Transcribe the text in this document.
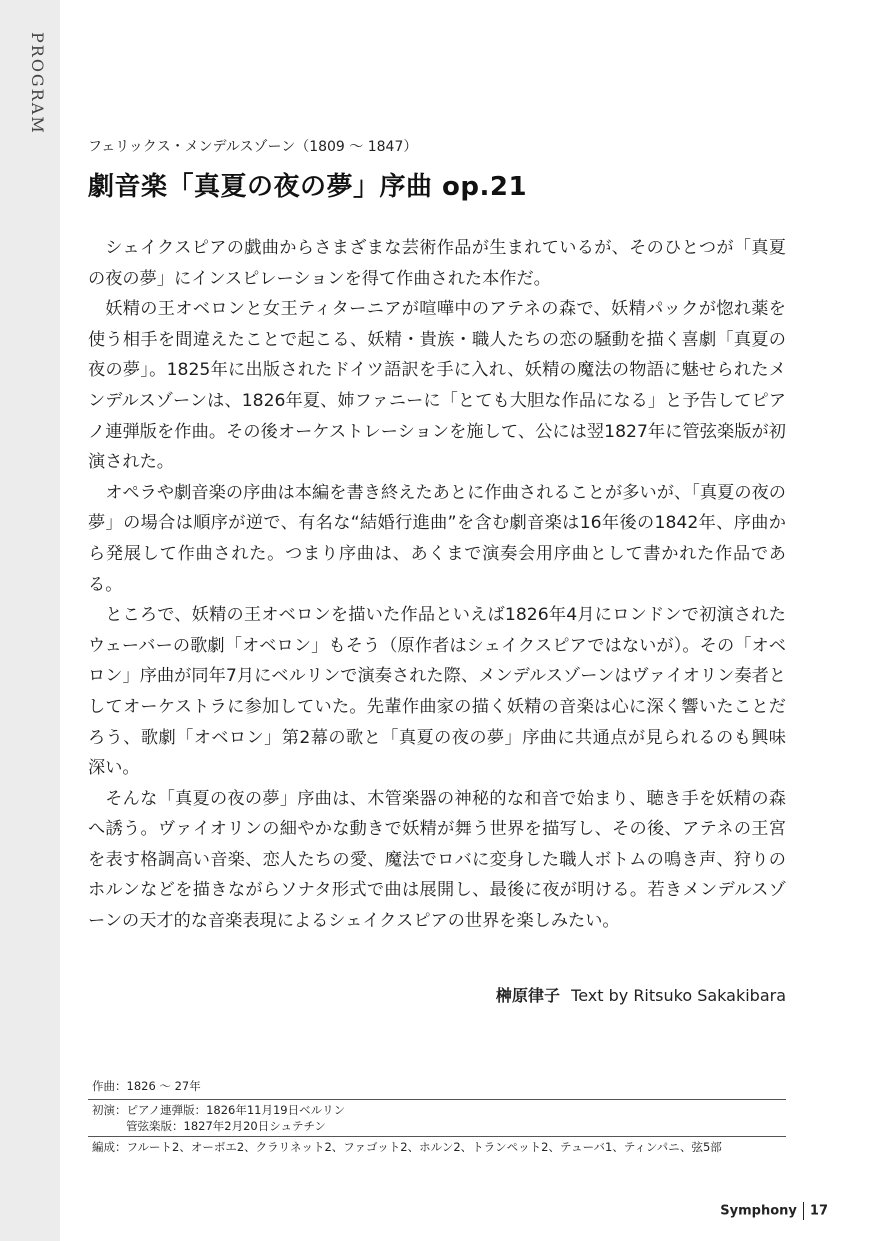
PROGRAM
フェリックス・メンデルスゾーン（1809 ～ 1847）
劇音楽「真夏の夜の夢」序曲 op.21

シェイクスピアの戯曲からさまざまな芸術作品が生まれているが、そのひとつが「真夏の夜の夢」にインスピレーションを得て作曲された本作だ。

妖精の王オベロンと女王ティターニアが喧嘩中のアテネの森で、妖精パックが惚れ薬を使う相手を間違えたことで起こる、妖精・貴族・職人たちの恋の騒動を描く喜劇「真夏の夜の夢」。1825年に出版されたドイツ語訳を手に入れ、妖精の魔法の物語に魅せられたメンデルスゾーンは、1826年夏、姉ファニーに「とても大胆な作品になる」と予告してピアノ連弾版を作曲。その後オーケストレーションを施して、公には翌1827年に管弦楽版が初演された。

オペラや劇音楽の序曲は本編を書き終えたあとに作曲されることが多いが、「真夏の夜の夢」の場合は順序が逆で、有名な“結婚行進曲”を含む劇音楽は16年後の1842年、序曲から発展して作曲された。つまり序曲は、あくまで演奏会用序曲として書かれた作品である。

ところで、妖精の王オベロンを描いた作品といえば1826年4月にロンドンで初演されたウェーバーの歌劇「オベロン」もそう（原作者はシェイクスピアではないが）。その「オベロン」序曲が同年7月にベルリンで演奏された際、メンデルスゾーンはヴァイオリン奏者としてオーケストラに参加していた。先輩作曲家の描く妖精の音楽は心に深く響いたことだろう、歌劇「オベロン」第2幕の歌と「真夏の夜の夢」序曲に共通点が見られるのも興味深い。

そんな「真夏の夜の夢」序曲は、木管楽器の神秘的な和音で始まり、聴き手を妖精の森へ誘う。ヴァイオリンの細やかな動きで妖精が舞う世界を描写し、その後、アテネの王宮を表す格調高い音楽、恋人たちの愛、魔法でロバに変身した職人ボトムの鳴き声、狩りのホルンなどを描きながらソナタ形式で曲は展開し、最後に夜が明ける。若きメンデルスゾーンの天才的な音楽表現によるシェイクスピアの世界を楽しみたい。

榊原律子 Text by Ritsuko Sakakibara
作曲：1826 ～ 27年
初演：ピアノ連弾版：1826年11月19日ベルリン
管弦楽版：1827年2月20日シュテチン
編成：フルート2、オーボエ2、クラリネット2、ファゴット2、ホルン2、トランペット2、テューバ1、ティンパニ、弦5部
Symphony 17
